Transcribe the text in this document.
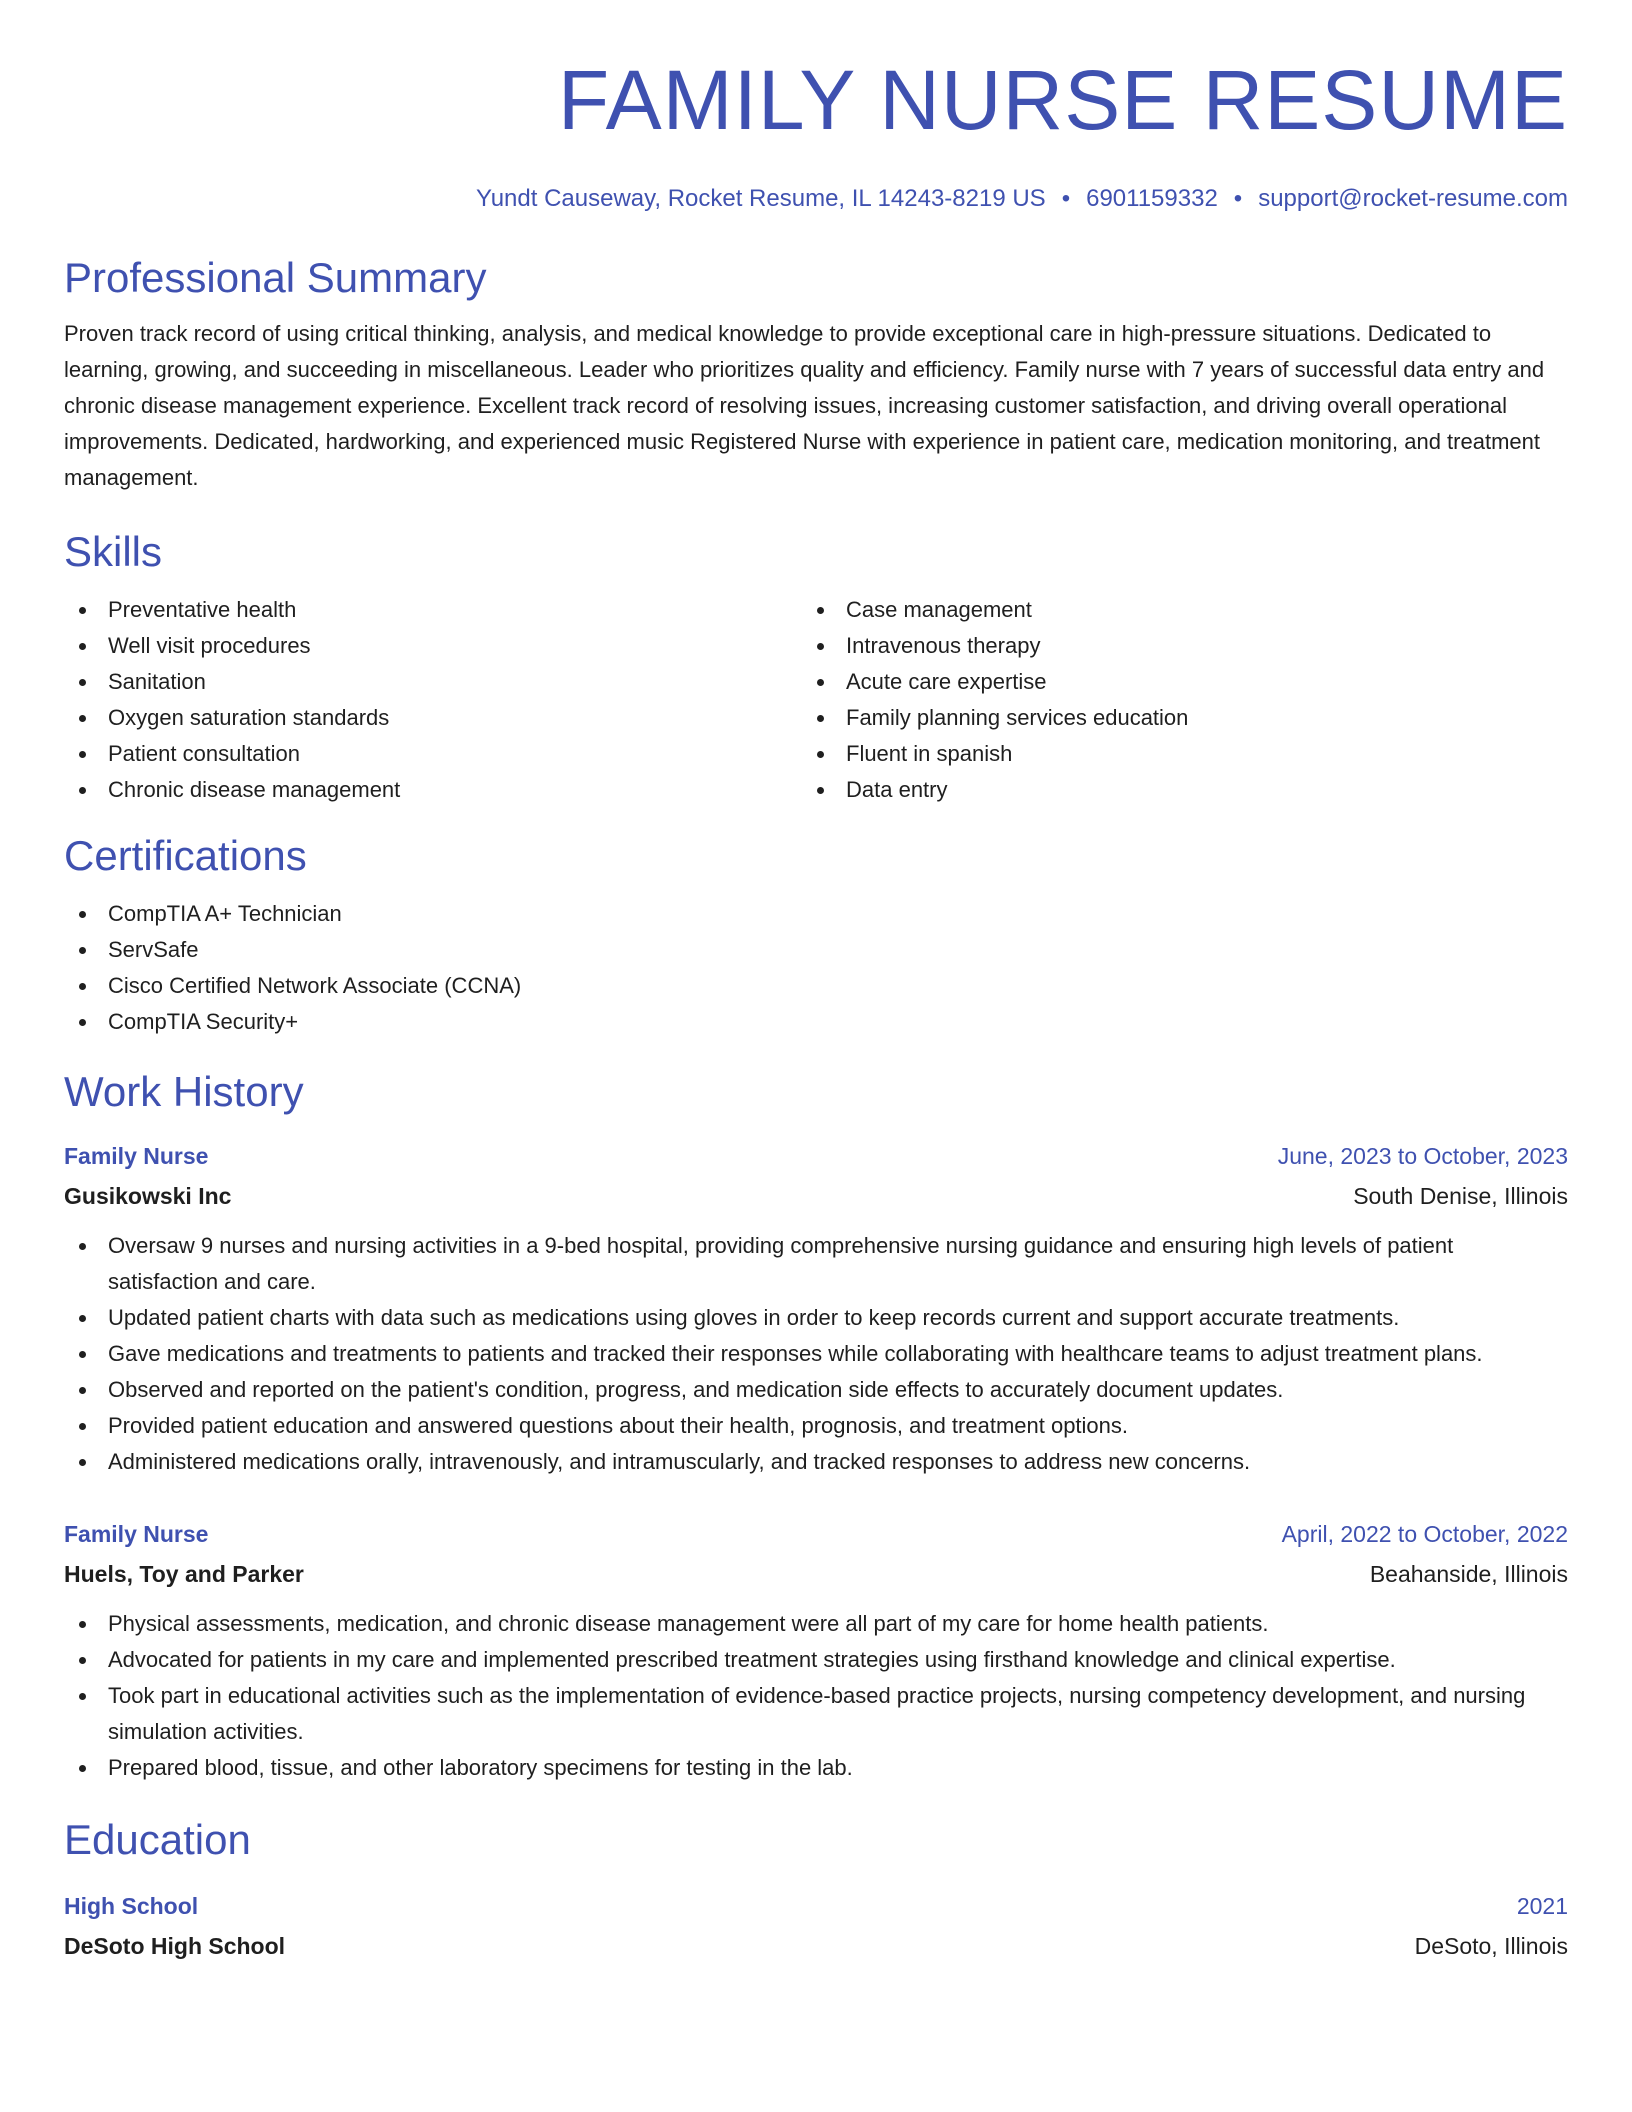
FAMILY NURSE RESUME
Yundt Causeway, Rocket Resume, IL 14243-8219 US • 6901159332 • support@rocket-resume.com
Professional Summary
Proven track record of using critical thinking, analysis, and medical knowledge to provide exceptional care in high-pressure situations. Dedicated to learning, growing, and succeeding in miscellaneous. Leader who prioritizes quality and efficiency. Family nurse with 7 years of successful data entry and chronic disease management experience. Excellent track record of resolving issues, increasing customer satisfaction, and driving overall operational improvements. Dedicated, hardworking, and experienced music Registered Nurse with experience in patient care, medication monitoring, and treatment management.
Skills
Preventative health
Well visit procedures
Sanitation
Oxygen saturation standards
Patient consultation
Chronic disease management
Case management
Intravenous therapy
Acute care expertise
Family planning services education
Fluent in spanish
Data entry
Certifications
CompTIA A+ Technician
ServSafe
Cisco Certified Network Associate (CCNA)
CompTIA Security+
Work History
Family Nurse	June, 2023 to October, 2023
Gusikowski Inc	South Denise, Illinois
Oversaw 9 nurses and nursing activities in a 9-bed hospital, providing comprehensive nursing guidance and ensuring high levels of patient satisfaction and care.
Updated patient charts with data such as medications using gloves in order to keep records current and support accurate treatments.
Gave medications and treatments to patients and tracked their responses while collaborating with healthcare teams to adjust treatment plans.
Observed and reported on the patient's condition, progress, and medication side effects to accurately document updates.
Provided patient education and answered questions about their health, prognosis, and treatment options.
Administered medications orally, intravenously, and intramuscularly, and tracked responses to address new concerns.
Family Nurse	April, 2022 to October, 2022
Huels, Toy and Parker	Beahanside, Illinois
Physical assessments, medication, and chronic disease management were all part of my care for home health patients.
Advocated for patients in my care and implemented prescribed treatment strategies using firsthand knowledge and clinical expertise.
Took part in educational activities such as the implementation of evidence-based practice projects, nursing competency development, and nursing simulation activities.
Prepared blood, tissue, and other laboratory specimens for testing in the lab.
Education
High School	2021
DeSoto High School	DeSoto, Illinois
